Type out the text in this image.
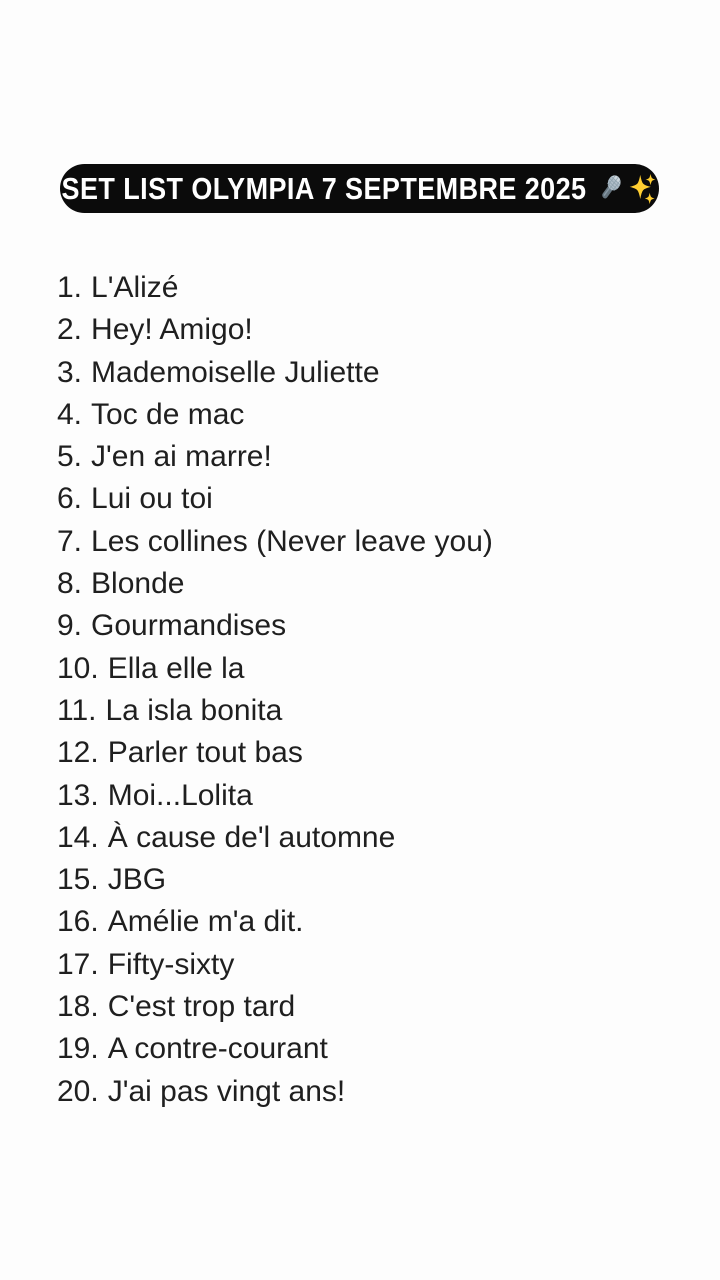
SET LIST OLYMPIA 7 SEPTEMBRE 2025
1. L'Alizé
2. Hey! Amigo!
3. Mademoiselle Juliette
4. Toc de mac
5. J'en ai marre!
6. Lui ou toi
7. Les collines (Never leave you)
8. Blonde
9. Gourmandises
10. Ella elle la
11. La isla bonita
12. Parler tout bas
13. Moi...Lolita
14. À cause de'l automne
15. JBG
16. Amélie m'a dit.
17. Fifty-sixty
18. C'est trop tard
19. A contre-courant
20. J'ai pas vingt ans!
